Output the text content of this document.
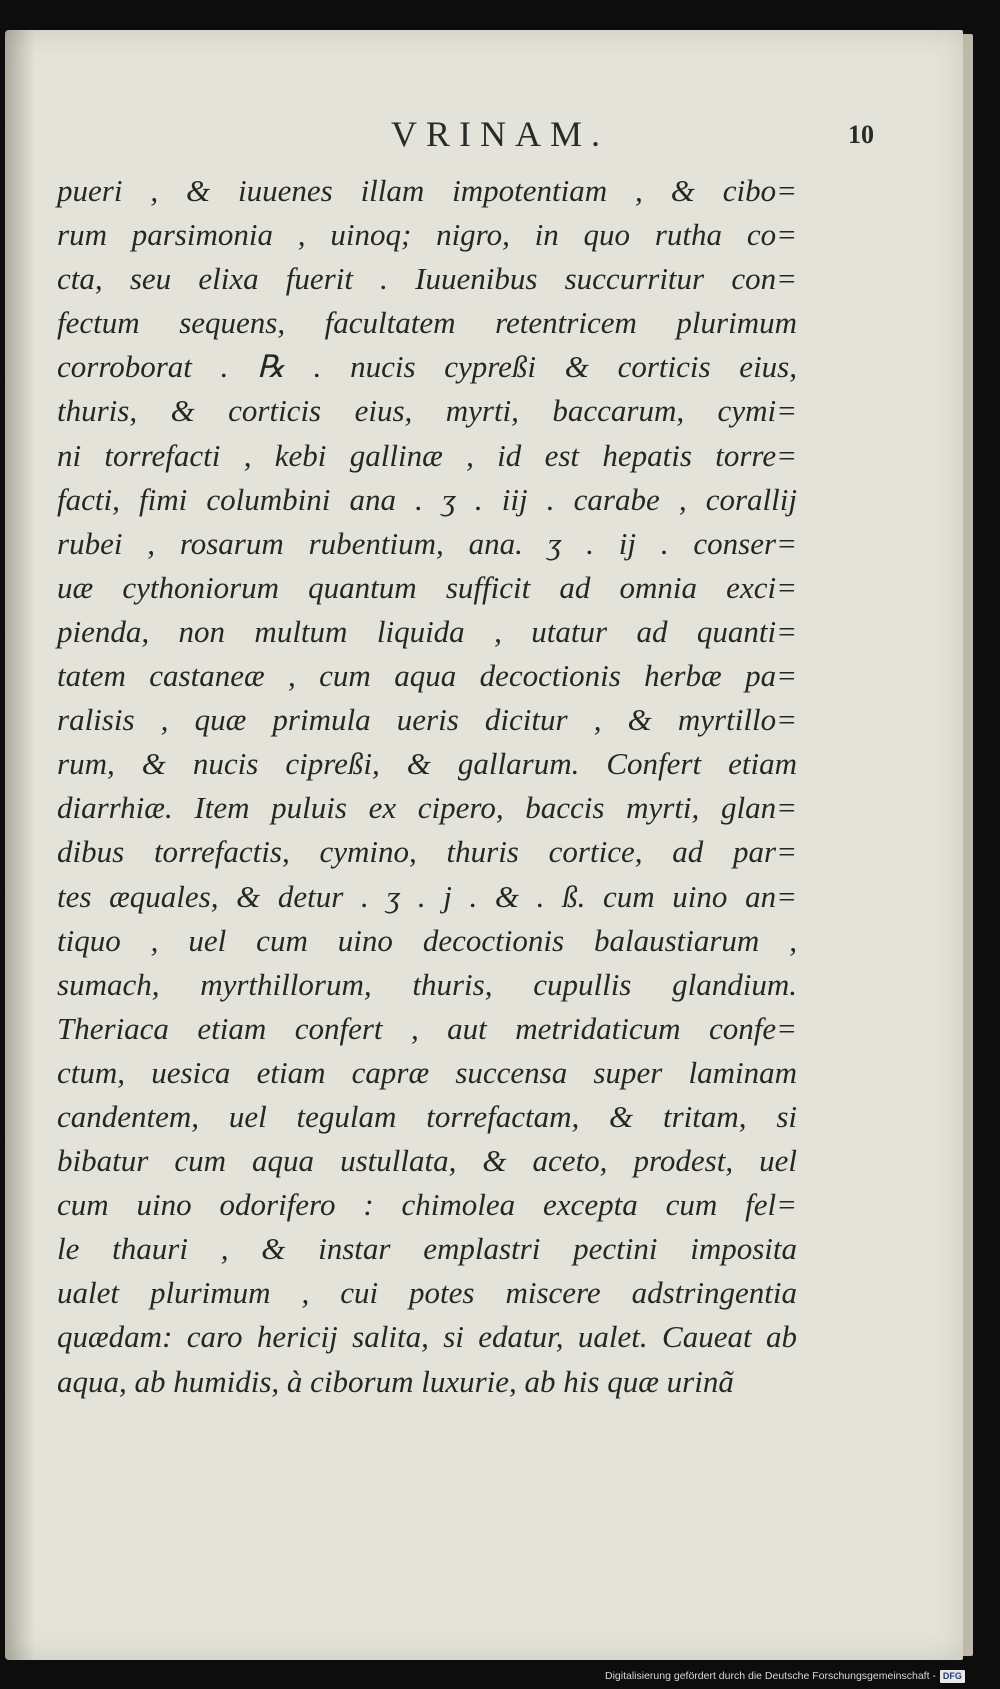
VRINAM.	10
pueri , & iuuenes illam impotentiam , & cibo=
rum parsimonia , uinoq; nigro, in quo rutha co=
cta, seu elixa fuerit . Iuuenibus succurritur con=
fectum sequens, facultatem retentricem plurimum
corroborat . ℞ . nucis cypreßi & corticis eius,
thuris, & corticis eius, myrti, baccarum, cymi=
ni torrefacti , kebi gallinæ , id est hepatis torre=
facti, fimi columbini ana . ʒ . iij . carabe , corallij
rubei , rosarum rubentium, ana. ʒ . ij . conser=
uæ cythoniorum quantum sufficit ad omnia exci=
pienda, non multum liquida , utatur ad quanti=
tatem castaneæ , cum aqua decoctionis herbæ pa=
ralisis , quæ primula ueris dicitur , & myrtillo=
rum, & nucis cipreßi, & gallarum. Confert etiam
diarrhiæ. Item puluis ex cipero, baccis myrti, glan=
dibus torrefactis, cymino, thuris cortice, ad par=
tes æquales, & detur . ʒ . j . & . ß. cum uino an=
tiquo , uel cum uino decoctionis balaustiarum ,
sumach, myrthillorum, thuris, cupullis glandium.
Theriaca etiam confert , aut metridaticum confe=
ctum, uesica etiam capræ succensa super laminam
candentem, uel tegulam torrefactam, & tritam, si
bibatur cum aqua ustullata, & aceto, prodest, uel
cum uino odorifero : chimolea excepta cum fel=
le thauri , & instar emplastri pectini imposita
ualet plurimum , cui potes miscere adstringentia
quædam: caro hericij salita, si edatur, ualet. Caueat ab
aqua, ab humidis, à ciborum luxurie, ab his quæ urinã
Digitalisierung gefördert durch die Deutsche Forschungsgemeinschaft - DFG
